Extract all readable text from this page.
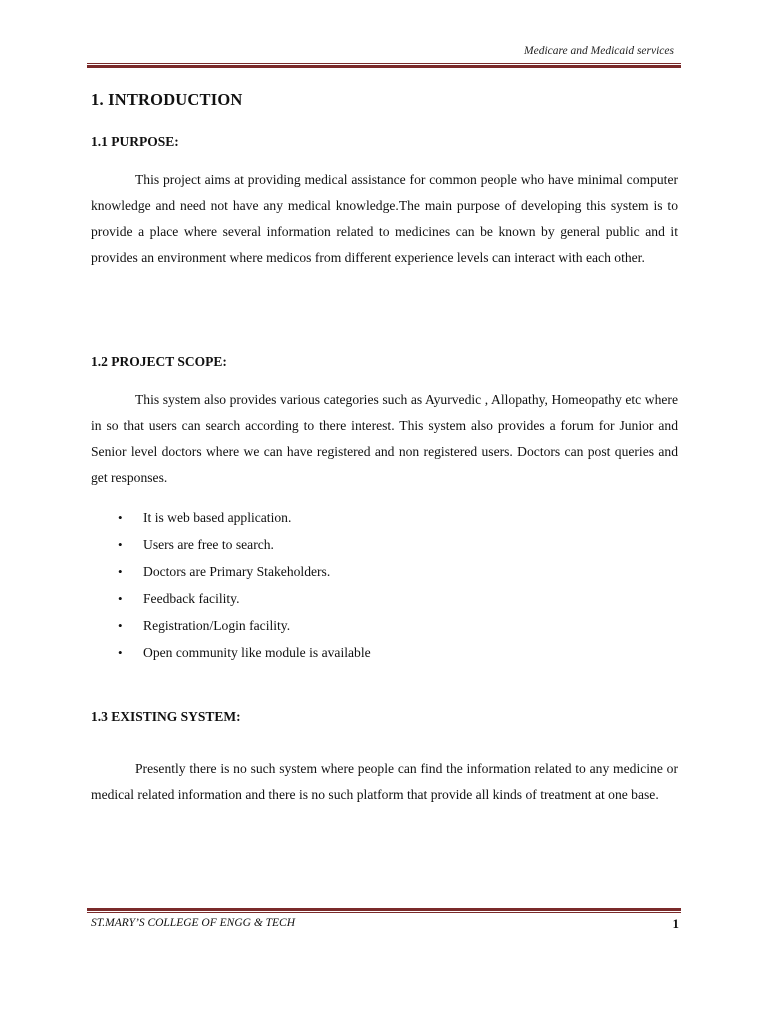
Medicare and Medicaid services
1. INTRODUCTION
1.1 PURPOSE:
This project aims at providing medical assistance for common people who have minimal computer knowledge and need not have any medical knowledge.The main purpose of developing this system is to provide a place where several information related to medicines can be known by general public and it provides an environment where medicos from different experience levels can interact with each other.
1.2 PROJECT SCOPE:
This system also provides various categories such as Ayurvedic , Allopathy, Homeopathy etc where in so that users can search according to there interest. This system also provides a forum for Junior and Senior level doctors where we can have registered and non registered users. Doctors can post queries and get responses.
•	It is web based application.
•	Users are free to search.
•	Doctors are Primary Stakeholders.
•	Feedback facility.
•	Registration/Login facility.
•	Open community like module is available
1.3 EXISTING SYSTEM:
Presently there is no such system where people can find the information related to any medicine or medical related information and there is no such platform that provide all kinds of treatment at one base.
ST.MARY’S COLLEGE OF ENGG & TECH	1
